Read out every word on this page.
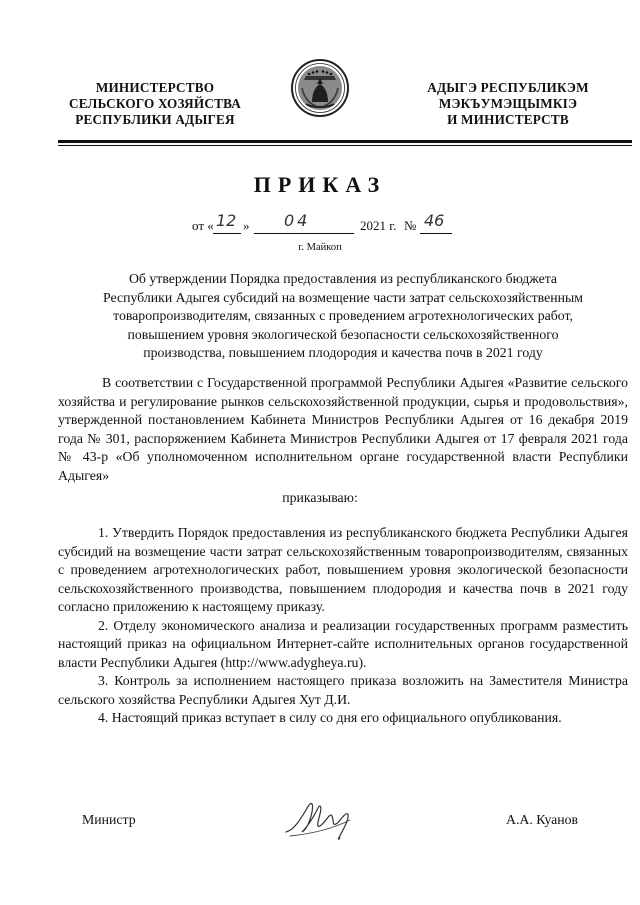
МИНИСТЕРСТВО
СЕЛЬСКОГО ХОЗЯЙСТВА
РЕСПУБЛИКИ АДЫГЕЯ
АДЫГЭ РЕСПУБЛИКЭМ
МЭКЪУМЭЩЫМКIЭ
И МИНИСТЕРСТВ
ПРИКАЗ
от « 12 » 04	2021 г. № 46
г. Майкоп
Об утверждении Порядка предоставления из республиканского бюджета
Республики Адыгея субсидий на возмещение части затрат сельскохозяйственным
товаропроизводителям, связанных с проведением агротехнологических работ,
повышением уровня экологической безопасности сельскохозяйственного
производства, повышением плодородия и качества почв в 2021 году
В соответствии с Государственной программой Республики Адыгея «Развитие сельского хозяйства и регулирование рынков сельскохозяйственной продукции, сырья и продовольствия», утвержденной постановлением Кабинета Министров Республики Адыгея от 16 декабря 2019 года № 301, распоряжением Кабинета Министров Республики Адыгея от 17 февраля 2021 года № 43-р «Об уполномоченном исполнительном органе государственной власти Республики Адыгея»
приказываю:

1. Утвердить Порядок предоставления из республиканского бюджета Республики Адыгея субсидий на возмещение части затрат сельскохозяйственным товаропроизводителям, связанных с проведением агротехнологических работ, повышением уровня экологической безопасности сельскохозяйственного производства, повышением плодородия и качества почв в 2021 году согласно приложению к настоящему приказу.

2. Отделу экономического анализа и реализации государственных программ разместить настоящий приказ на официальном Интернет-сайте исполнительных органов государственной власти Республики Адыгея (http://www.adygheya.ru).

3. Контроль за исполнением настоящего приказа возложить на Заместителя Министра сельского хозяйства Республики Адыгея Хут Д.И.

4. Настоящий приказ вступает в силу со дня его официального опубликования.

Министр	А.А. Куанов
